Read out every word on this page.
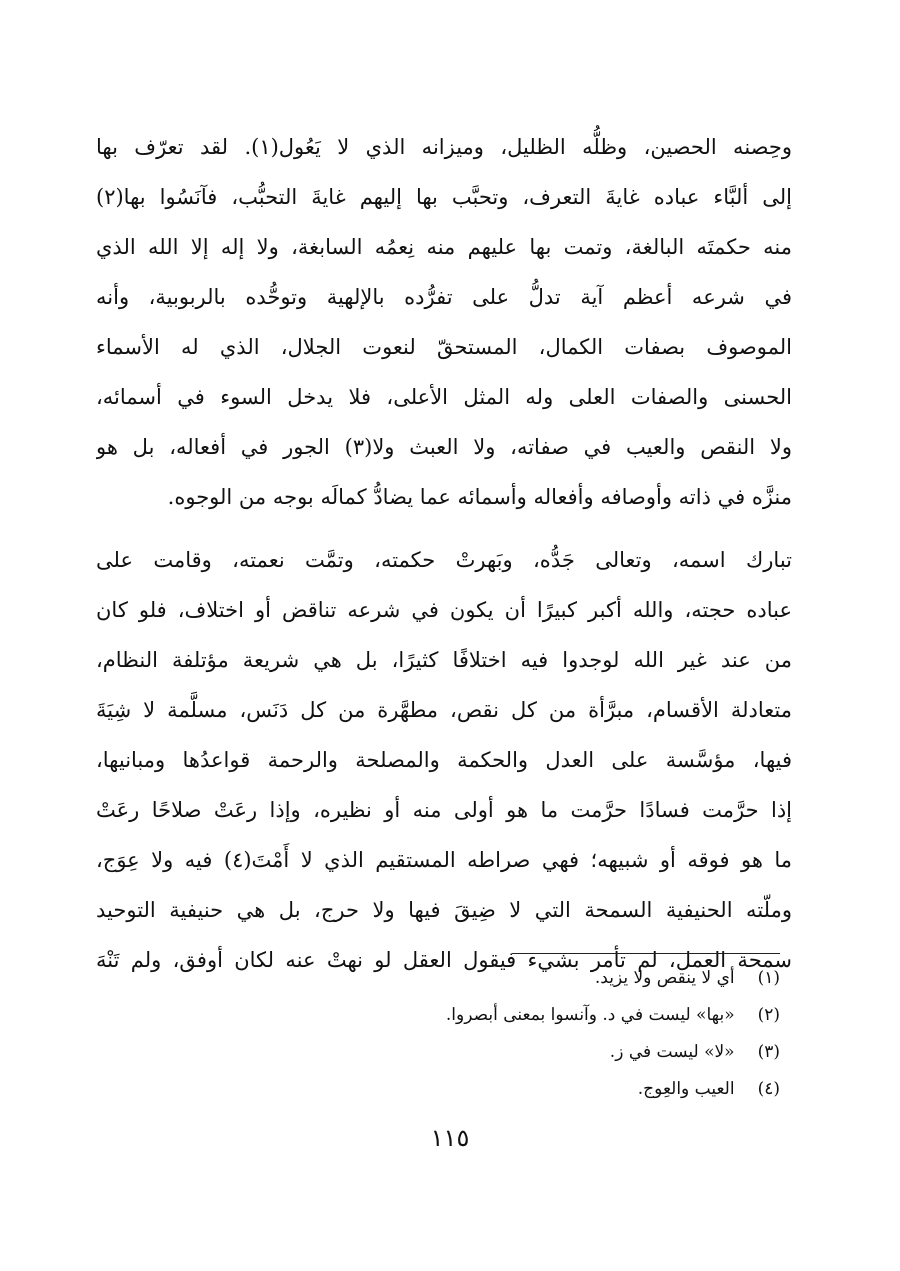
وحِصنه الحصين، وظلُّه الظليل، وميزانه الذي لا يَعُول(١). لقد تعرّف بها
إلى ألبَّاء عباده غايةَ التعرف، وتحبَّب بها إليهم غايةَ التحبُّب، فآنَسُوا بها(٢)
منه حكمتَه البالغة، وتمت بها عليهم منه نِعمُه السابغة، ولا إله إلا الله الذي
في شرعه أعظم آية تدلُّ على تفرُّده بالإلهية وتوحُّده بالربوبية، وأنه
الموصوف بصفات الكمال، المستحقّ لنعوت الجلال، الذي له الأسماء
الحسنى والصفات العلى وله المثل الأعلى، فلا يدخل السوء في أسمائه،
ولا النقص والعيب في صفاته، ولا العبث ولا(٣) الجور في أفعاله، بل هو
منزَّه في ذاته وأوصافه وأفعاله وأسمائه عما يضادُّ كمالَه بوجه من الوجوه.
تبارك اسمه، وتعالى جَدُّه، وبَهرتْ حكمته، وتمَّت نعمته، وقامت على
عباده حجته، والله أكبر كبيرًا أن يكون في شرعه تناقض أو اختلاف، فلو كان
من عند غير الله لوجدوا فيه اختلافًا كثيرًا، بل هي شريعة مؤتلفة النظام،
متعادلة الأقسام، مبرَّأة من كل نقص، مطهَّرة من كل دَنَس، مسلَّمة لا شِيَةَ
فيها، مؤسَّسة على العدل والحكمة والمصلحة والرحمة قواعدُها ومبانيها،
إذا حرَّمت فسادًا حرَّمت ما هو أولى منه أو نظيره، وإذا رعَتْ صلاحًا رعَتْ
ما هو فوقه أو شبيهه؛ فهي صراطه المستقيم الذي لا أَمْتَ(٤) فيه ولا عِوَج،
وملّته الحنيفية السمحة التي لا ضِيقَ فيها ولا حرج، بل هي حنيفية التوحيد
سمحة العمل، لم تأمر بشيء فيقول العقل لو نهتْ عنه لكان أوفق، ولم تَنْهَ
(١) أي لا ينقص ولا يزيد.
(٢) «بها» ليست في د. وآنسوا بمعنى أبصروا.
(٣) «لا» ليست في ز.
(٤) العيب والعِوج.
١١٥
